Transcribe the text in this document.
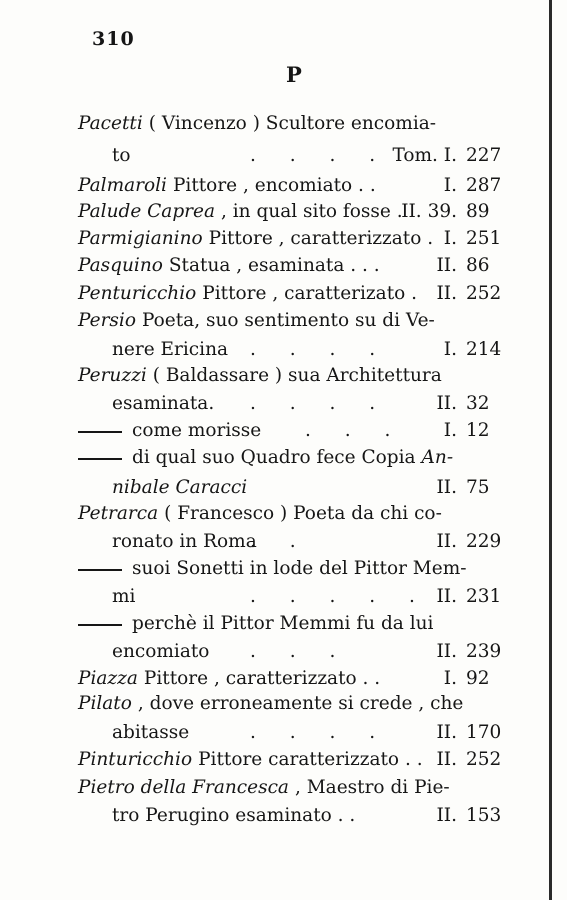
310
P
Pacetti ( Vincenzo ) Scultore encomia-
to	. . . . Tom. I. 227
Palmaroli Pittore , encomiato . .	I. 287
Palude Caprea , in qual sito fosse .
II. 39. 89
Parmigianino Pittore , caratterizzato . I. 251
Pasquino Statua , esaminata . . .	II. 86
Penturicchio Pittore , caratterizato . II. 252
Persio Poeta, suo sentimento su di Ve-
nere Ericina . . . .	I. 214
Peruzzi ( Baldassare ) sua Architettura
esaminata. . . . .	II. 32
come morisse . . . I. 12
di qual suo Quadro fece Copia An-
nibale Caracci	II. 75
Petrarca ( Francesco ) Poeta da chi co-
ronato in Roma
. .	II. 229
suoi Sonetti in lode del Pittor Mem-
mi	. . . . . II. 231
perchè il Pittor Memmi fu da lui
encomiato . . .	II. 239
Piazza Pittore , caratterizzato . .	I. 92
Pilato , dove erroneamente si crede , che
abitasse	. . . .	II. 170
Pinturicchio Pittore caratterizzato . . II. 252
Pietro della Francesca , Maestro di Pie-
tro Perugino esaminato . .	II. 153
